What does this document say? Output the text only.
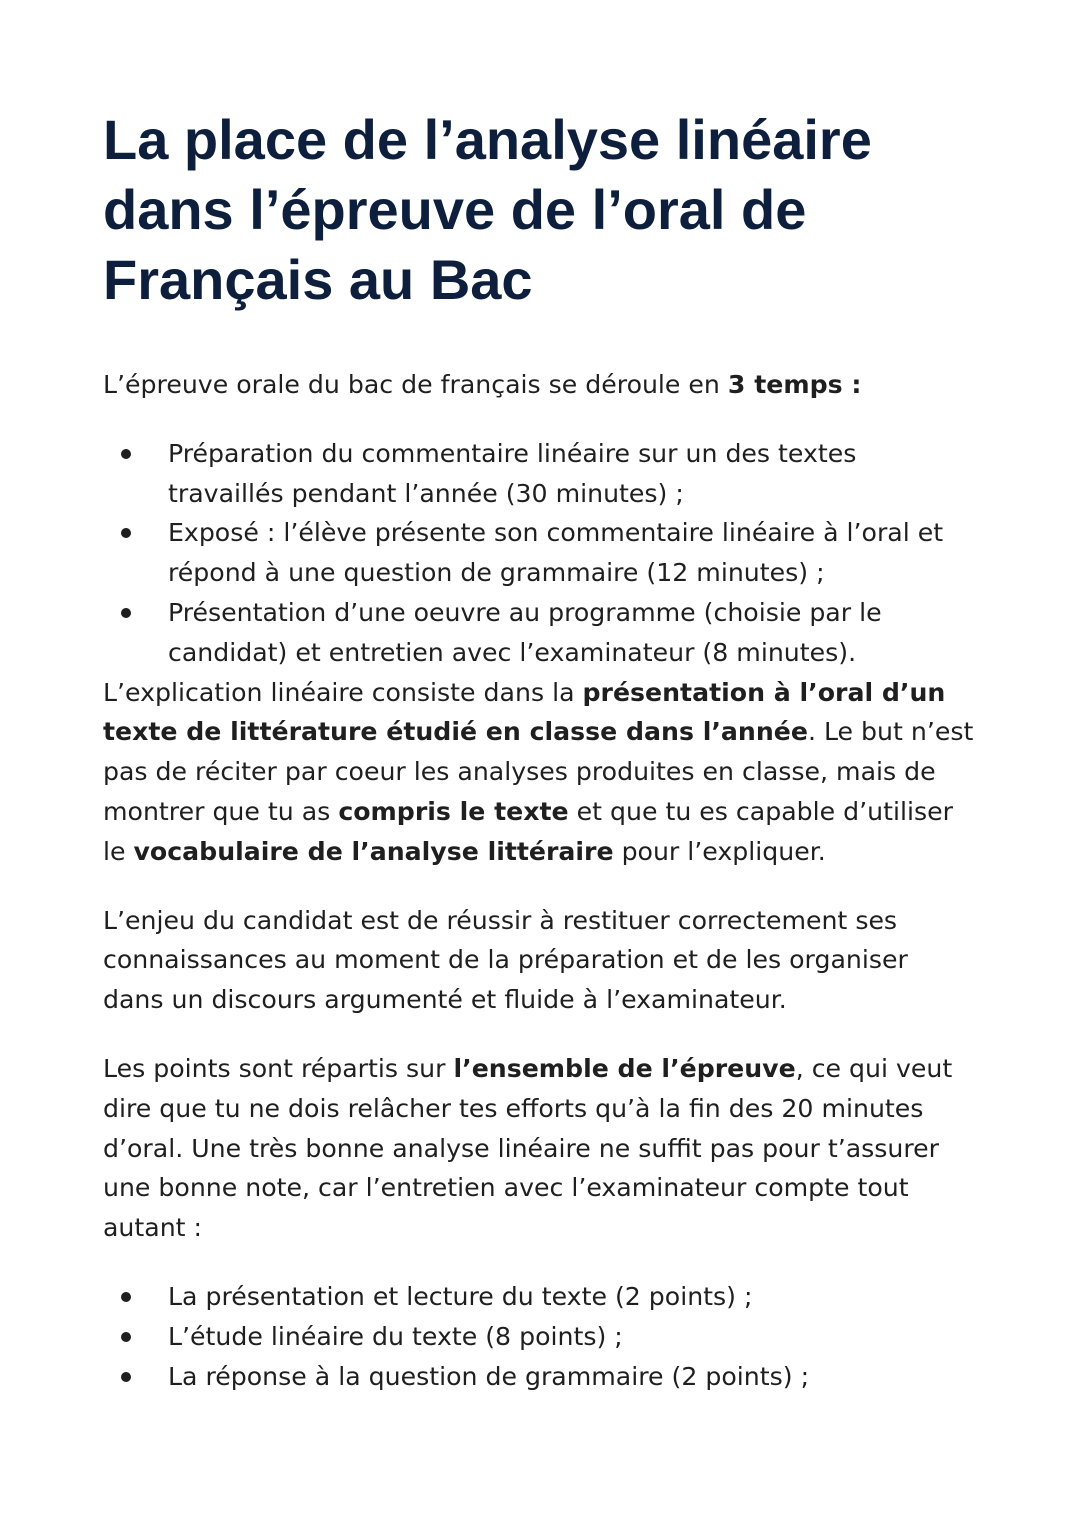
La place de l’analyse linéaire
dans l’épreuve de l’oral de
Français au Bac

L’épreuve orale du bac de français se déroule en 3 temps :

Préparation du commentaire linéaire sur un des textes
travaillés pendant l’année (30 minutes) ;
Exposé : l’élève présente son commentaire linéaire à l’oral et
répond à une question de grammaire (12 minutes) ;
Présentation d’une oeuvre au programme (choisie par le
candidat) et entretien avec l’examinateur (8 minutes).

L’explication linéaire consiste dans la présentation à l’oral d’un
texte de littérature étudié en classe dans l’année. Le but n’est
pas de réciter par coeur les analyses produites en classe, mais de
montrer que tu as compris le texte et que tu es capable d’utiliser
le vocabulaire de l’analyse littéraire pour l’expliquer.

L’enjeu du candidat est de réussir à restituer correctement ses
connaissances au moment de la préparation et de les organiser
dans un discours argumenté et fluide à l’examinateur.

Les points sont répartis sur l’ensemble de l’épreuve, ce qui veut
dire que tu ne dois relâcher tes efforts qu’à la fin des 20 minutes
d’oral. Une très bonne analyse linéaire ne suffit pas pour t’assurer
une bonne note, car l’entretien avec l’examinateur compte tout
autant :

La présentation et lecture du texte (2 points) ;
L’étude linéaire du texte (8 points) ;
La réponse à la question de grammaire (2 points) ;
